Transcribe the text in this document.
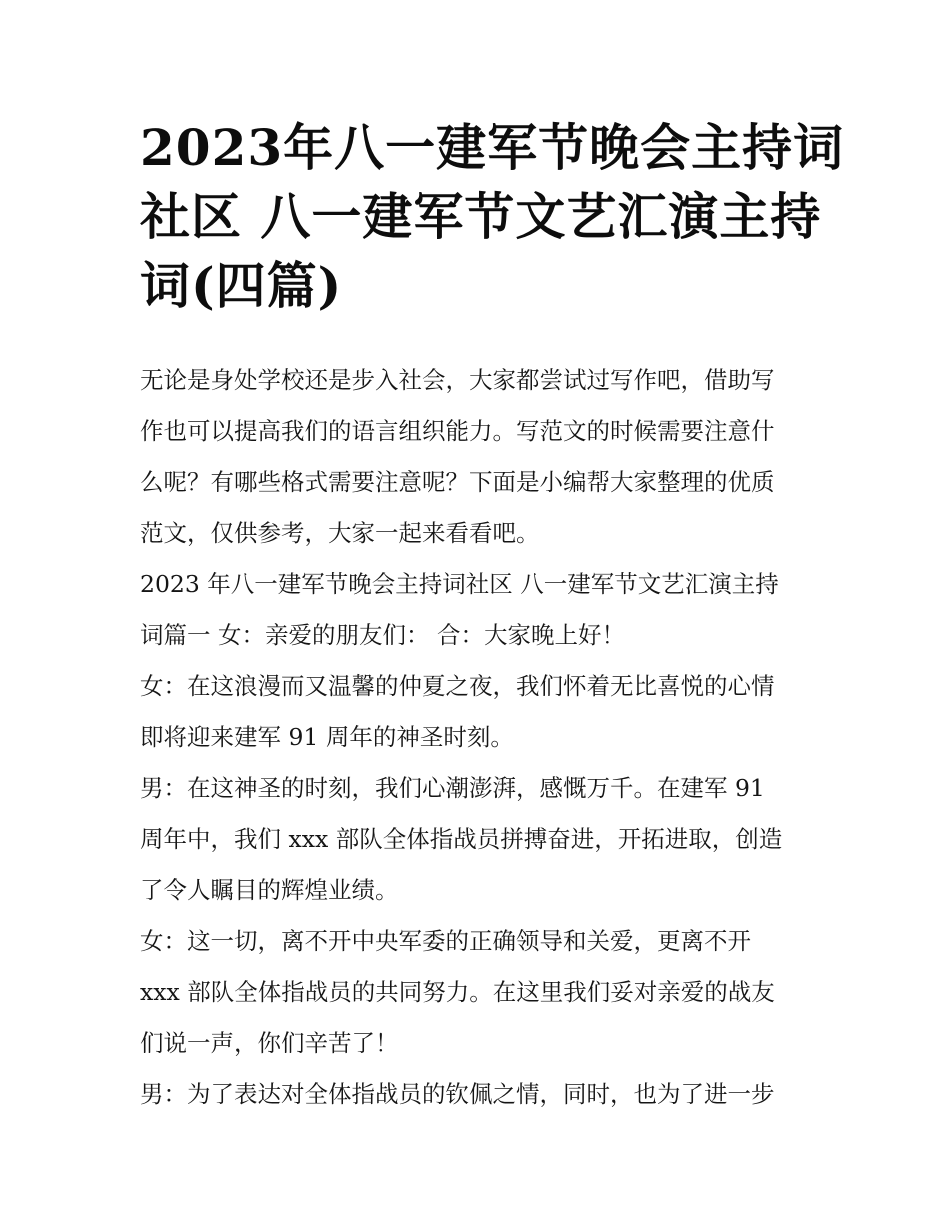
2023年八一建军节晚会主持词
社区 八一建军节文艺汇演主持
词(四篇)
无论是身处学校还是步入社会，大家都尝试过写作吧，借助写
作也可以提高我们的语言组织能力。写范文的时候需要注意什
么呢？有哪些格式需要注意呢？下面是小编帮大家整理的优质
范文，仅供参考，大家一起来看看吧。
2023 年八一建军节晚会主持词社区 八一建军节文艺汇演主持
词篇一 女：亲爱的朋友们： 合：大家晚上好！
女：在这浪漫而又温馨的仲夏之夜，我们怀着无比喜悦的心情
即将迎来建军 91 周年的神圣时刻。
男：在这神圣的时刻，我们心潮澎湃，感慨万千。在建军 91
周年中，我们 xxx 部队全体指战员拼搏奋进，开拓进取，创造
了令人瞩目的辉煌业绩。
女：这一切，离不开中央军委的正确领导和关爱，更离不开
xxx 部队全体指战员的共同努力。在这里我们妥对亲爱的战友
们说一声，你们辛苦了！
男：为了表达对全体指战员的钦佩之情，同时，也为了进一步
